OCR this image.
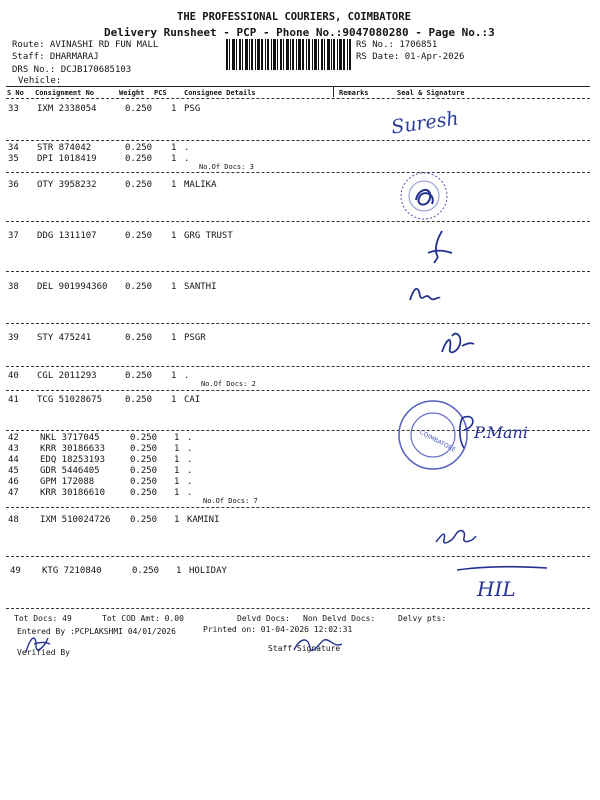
THE PROFESSIONAL COURIERS, COIMBATORE
Delivery Runsheet - PCP - Phone No.:9047080280 - Page No.:3
Route: AVINASHI RD FUN MALL
Staff: DHARMARAJ
DRS No.: DCJB170685103
Vehicle:
RS No.: 1706851
RS Date: 01-Apr-2026
S No Consignment No	Weight PCS Consignee Details	Remarks	Seal & Signature
33 IXM 2338054	0.250 1 PSG
34 STR 874042	0.250 1 .
35 DPI 1018419	0.250 1 .
No.Of Docs: 3
36 OTY 3958232	0.250 1 MALIKA
37 DDG 1311107	0.250 1 GRG TRUST
38 DEL 901994360 0.250 1 SANTHI
39 STY 475241	0.250 1 PSGR
40 CGL 2011293	0.250 1 .
No.Of Docs: 2
41 TCG 51028675	0.250 1 CAI
42 NKL 3717045	0.250 1 .
43 KRR 30186633	0.250 1 .
44 EDQ 18253193	0.250 1 .
45 GDR 5446405	0.250 1 .
46 GPM 172088	0.250 1 .
47 KRR 30186610	0.250 1 .
No.Of Docs: 7
48 IXM 510024726 0.250 1 KAMINI
49 KTG 7210840	0.250 1 HOLIDAY
Suresh
COIMBATORE P.Mani
HIL
Tot Docs: 49	Tot COD Amt: 0.00	Delvd Docs: Non Delvd Docs:	Delvy pts:
Entered By :PCPLAKSHMI 04/01/2026	Printed on: 01-04-2026 12:02:31
Verified By	Staff Signature
